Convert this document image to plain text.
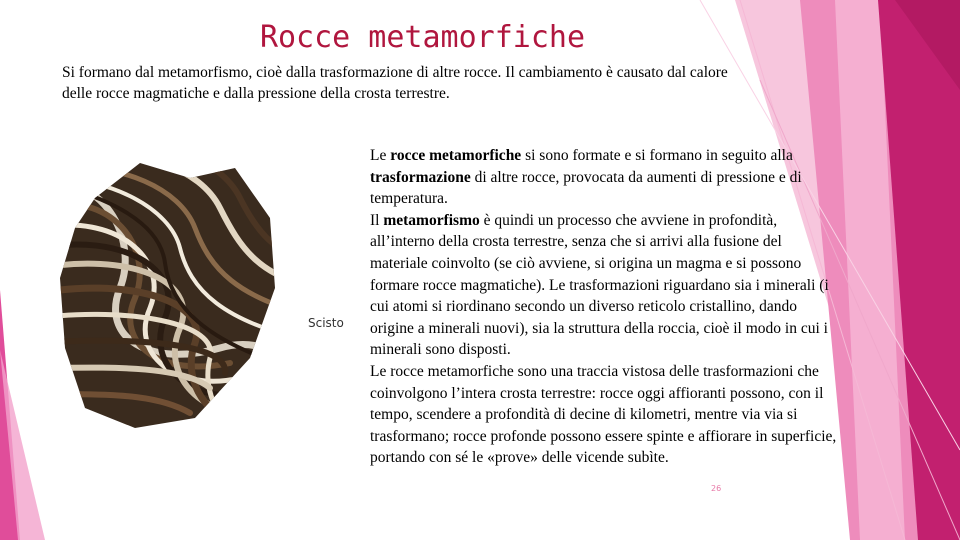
Rocce metamorfiche
Si formano dal metamorfismo, cioè dalla trasformazione di altre rocce. Il cambiamento è causato dal calore delle rocce magmatiche e dalla pressione della crosta terrestre.
Scisto

Le rocce metamorfiche si sono formate e si formano in seguito alla trasformazione di altre rocce, provocata da aumenti di pressione e di temperatura.

Il metamorfismo è quindi un processo che avviene in profondità, all’interno della crosta terrestre, senza che si arrivi alla fusione del materiale coinvolto (se ciò avviene, si origina un magma e si possono formare rocce magmatiche). Le trasformazioni riguardano sia i minerali (i cui atomi si riordinano secondo un diverso reticolo cristallino, dando origine a minerali nuovi), sia la struttura della roccia, cioè il modo in cui i minerali sono disposti.

Le rocce metamorfiche sono una traccia vistosa delle trasformazioni che coinvolgono l’intera crosta terrestre: rocce oggi affioranti possono, con il tempo, scendere a profondità di decine di kilometri, mentre via via si trasformano; rocce profonde possono essere spinte e affiorare in superficie, portando con sé le «prove» delle vicende subìte.

26
